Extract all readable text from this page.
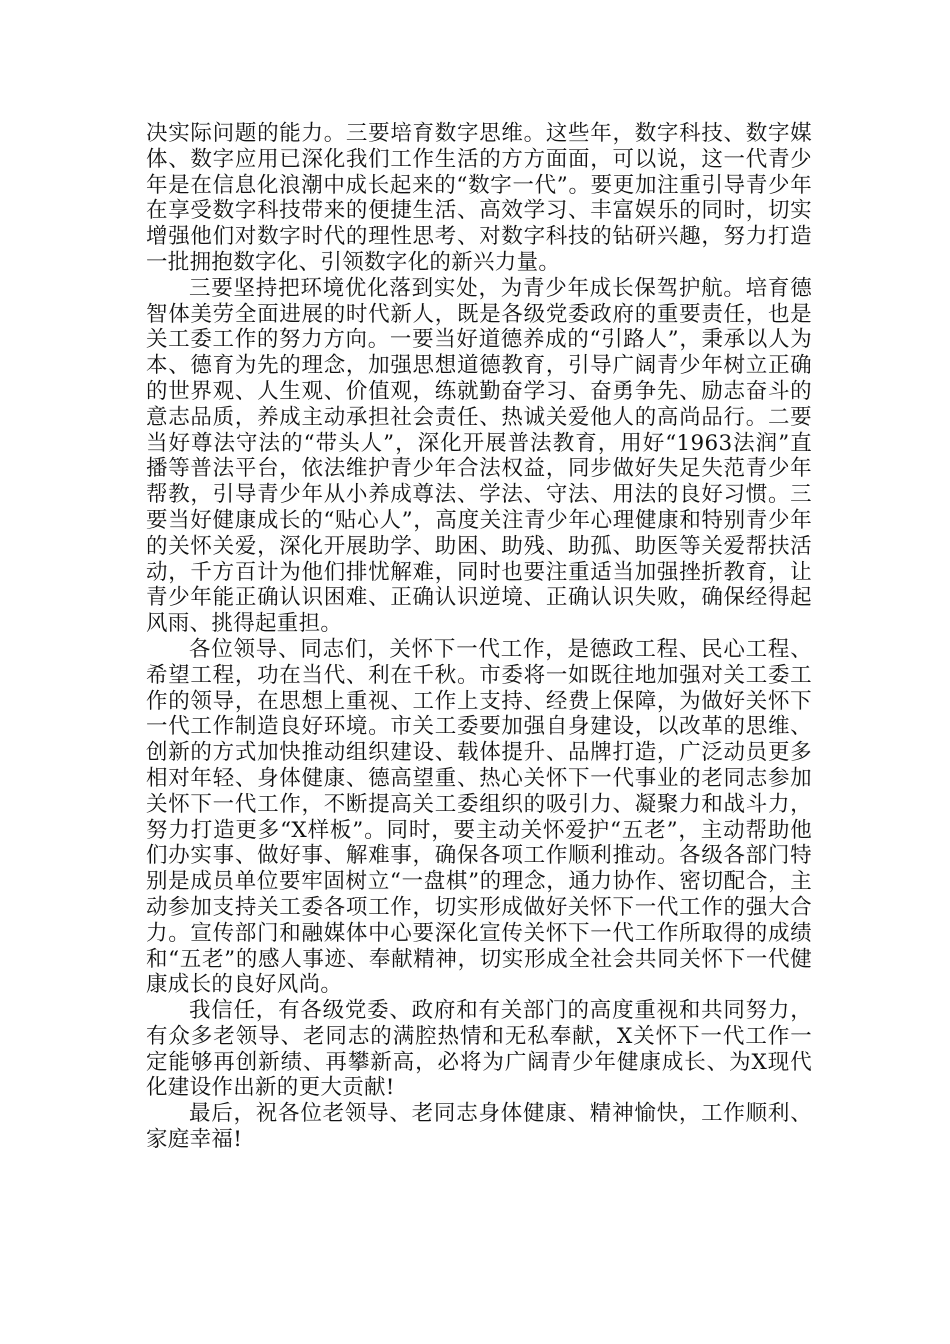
决实际问题的能力。三要培育数字思维。这些年，数字科技、数字媒体、数字应用已深化我们工作生活的方方面面，可以说，这一代青少年是在信息化浪潮中成长起来的“数字一代”。要更加注重引导青少年在享受数字科技带来的便捷生活、高效学习、丰富娱乐的同时，切实增强他们对数字时代的理性思考、对数字科技的钻研兴趣，努力打造一批拥抱数字化、引领数字化的新兴力量。

三要坚持把环境优化落到实处，为青少年成长保驾护航。培育德智体美劳全面进展的时代新人，既是各级党委政府的重要责任，也是关工委工作的努力方向。一要当好道德养成的“引路人”，秉承以人为本、德育为先的理念，加强思想道德教育，引导广阔青少年树立正确的世界观、人生观、价值观，练就勤奋学习、奋勇争先、励志奋斗的意志品质，养成主动承担社会责任、热诚关爱他人的高尚品行。二要当好尊法守法的“带头人”，深化开展普法教育，用好“1963法润”直播等普法平台，依法维护青少年合法权益，同步做好失足失范青少年帮教，引导青少年从小养成尊法、学法、守法、用法的良好习惯。三要当好健康成长的“贴心人”，高度关注青少年心理健康和特别青少年的关怀关爱，深化开展助学、助困、助残、助孤、助医等关爱帮扶活动，千方百计为他们排忧解难，同时也要注重适当加强挫折教育，让青少年能正确认识困难、正确认识逆境、正确认识失败，确保经得起风雨、挑得起重担。

各位领导、同志们，关怀下一代工作，是德政工程、民心工程、希望工程，功在当代、利在千秋。市委将一如既往地加强对关工委工作的领导，在思想上重视、工作上支持、经费上保障，为做好关怀下一代工作制造良好环境。市关工委要加强自身建设，以改革的思维、创新的方式加快推动组织建设、载体提升、品牌打造，广泛动员更多相对年轻、身体健康、德高望重、热心关怀下一代事业的老同志参加关怀下一代工作，不断提高关工委组织的吸引力、凝聚力和战斗力，努力打造更多“X样板”。同时，要主动关怀爱护“五老”，主动帮助他们办实事、做好事、解难事，确保各项工作顺利推动。各级各部门特别是成员单位要牢固树立“一盘棋”的理念，通力协作、密切配合，主动参加支持关工委各项工作，切实形成做好关怀下一代工作的强大合力。宣传部门和融媒体中心要深化宣传关怀下一代工作所取得的成绩和“五老”的感人事迹、奉献精神，切实形成全社会共同关怀下一代健康成长的良好风尚。

我信任，有各级党委、政府和有关部门的高度重视和共同努力，有众多老领导、老同志的满腔热情和无私奉献，X关怀下一代工作一定能够再创新绩、再攀新高，必将为广阔青少年健康成长、为X现代化建设作出新的更大贡献!

最后，祝各位老领导、老同志身体健康、精神愉快，工作顺利、家庭幸福!
